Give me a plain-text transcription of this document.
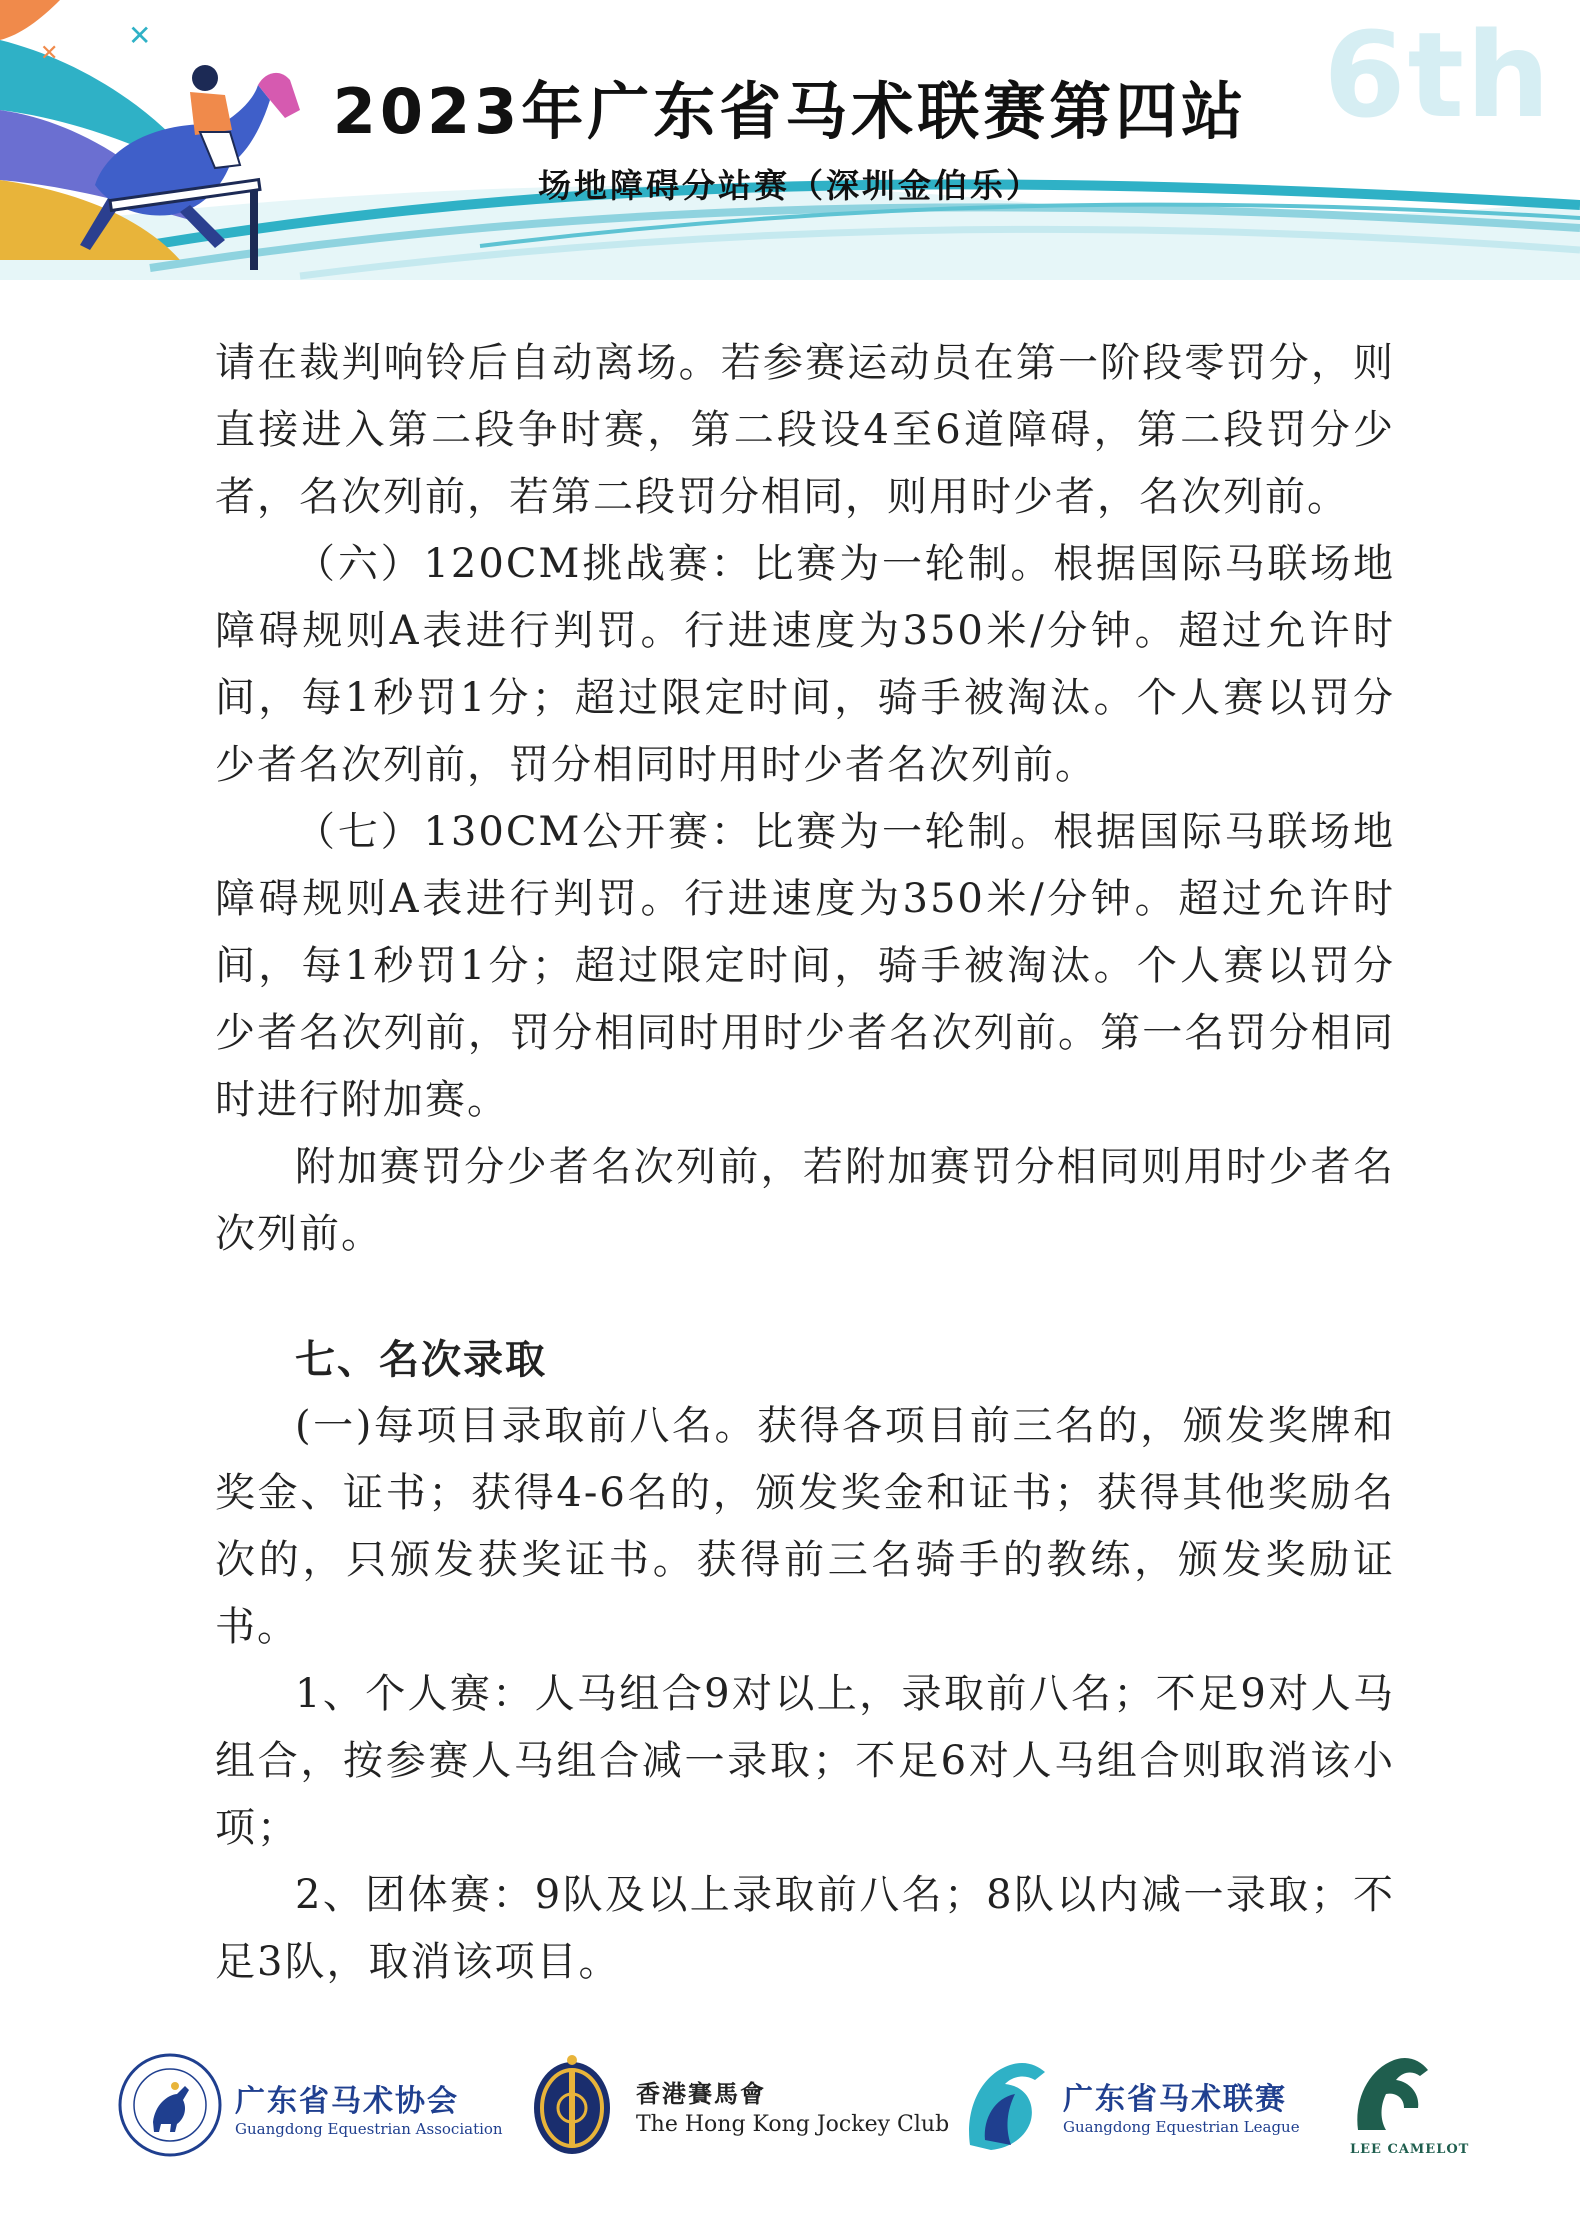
✕
✕	6th
2023年广东省马术联赛第四站
场地障碍分站赛（深圳金伯乐）

请在裁判响铃后自动离场。若参赛运动员在第一阶段零罚分，则直接进入第二段争时赛，第二段设4至6道障碍，第二段罚分少者，名次列前，若第二段罚分相同，则用时少者，名次列前。

（六）120CM挑战赛：比赛为一轮制。根据国际马联场地障碍规则A表进行判罚。行进速度为350米/分钟。超过允许时间，每1秒罚1分；超过限定时间，骑手被淘汰。个人赛以罚分少者名次列前，罚分相同时用时少者名次列前。

（七）130CM公开赛：比赛为一轮制。根据国际马联场地障碍规则A表进行判罚。行进速度为350米/分钟。超过允许时间，每1秒罚1分；超过限定时间，骑手被淘汰。个人赛以罚分少者名次列前，罚分相同时用时少者名次列前。第一名罚分相同时进行附加赛。

附加赛罚分少者名次列前，若附加赛罚分相同则用时少者名次列前。

七、名次录取

(一)每项目录取前八名。获得各项目前三名的，颁发奖牌和奖金、证书；获得4-6名的，颁发奖金和证书；获得其他奖励名次的，只颁发获奖证书。获得前三名骑手的教练，颁发奖励证书。

1、个人赛：人马组合9对以上，录取前八名；不足9对人马组合，按参赛人马组合减一录取；不足6对人马组合则取消该小项；

2、团体赛：9队及以上录取前八名；8队以内减一录取；不足3队，取消该项目。

广东省马术协会
Guangdong Equestrian Association
香港賽馬會
The Hong Kong Jockey Club
广东省马术联赛
Guangdong Equestrian League	ee
LEE CAMELOT
